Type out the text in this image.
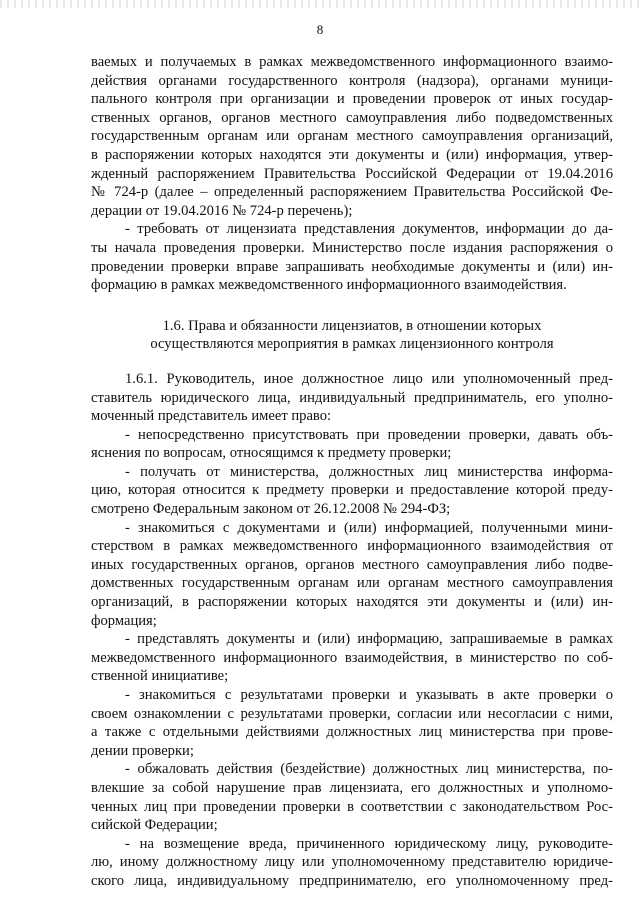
8
ваемых и получаемых в рамках межведомственного информационного взаимо-
действия органами государственного контроля (надзора), органами муници-
пального контроля при организации и проведении проверок от иных государ-
ственных органов, органов местного самоуправления либо подведомственных
государственным органам или органам местного самоуправления организаций,
в распоряжении которых находятся эти документы и (или) информация, утвер-
жденный распоряжением Правительства Российской Федерации от 19.04.2016
№ 724-р (далее – определенный распоряжением Правительства Российской Фе-
дерации от 19.04.2016 № 724-р перечень);
- требовать от лицензиата представления документов, информации до да-
ты начала проведения проверки. Министерство после издания распоряжения о
проведении проверки вправе запрашивать необходимые документы и (или) ин-
формацию в рамках межведомственного информационного взаимодействия.
1.6. Права и обязанности лицензиатов, в отношении которых
осуществляются мероприятия в рамках лицензионного контроля
1.6.1. Руководитель, иное должностное лицо или уполномоченный пред-
ставитель юридического лица, индивидуальный предприниматель, его уполно-
моченный представитель имеет право:
- непосредственно присутствовать при проведении проверки, давать объ-
яснения по вопросам, относящимся к предмету проверки;
- получать от министерства, должностных лиц министерства информа-
цию, которая относится к предмету проверки и предоставление которой преду-
смотрено Федеральным законом от 26.12.2008 № 294-ФЗ;
- знакомиться с документами и (или) информацией, полученными мини-
стерством в рамках межведомственного информационного взаимодействия от
иных государственных органов, органов местного самоуправления либо подве-
домственных государственным органам или органам местного самоуправления
организаций, в распоряжении которых находятся эти документы и (или) ин-
формация;
- представлять документы и (или) информацию, запрашиваемые в рамках
межведомственного информационного взаимодействия, в министерство по соб-
ственной инициативе;
- знакомиться с результатами проверки и указывать в акте проверки о
своем ознакомлении с результатами проверки, согласии или несогласии с ними,
а также с отдельными действиями должностных лиц министерства при прове-
дении проверки;
- обжаловать действия (бездействие) должностных лиц министерства, по-
влекшие за собой нарушение прав лицензиата, его должностных и уполномо-
ченных лиц при проведении проверки в соответствии с законодательством Рос-
сийской Федерации;
- на возмещение вреда, причиненного юридическому лицу, руководите-
лю, иному должностному лицу или уполномоченному представителю юридиче-
ского лица, индивидуальному предпринимателю, его уполномоченному пред-
